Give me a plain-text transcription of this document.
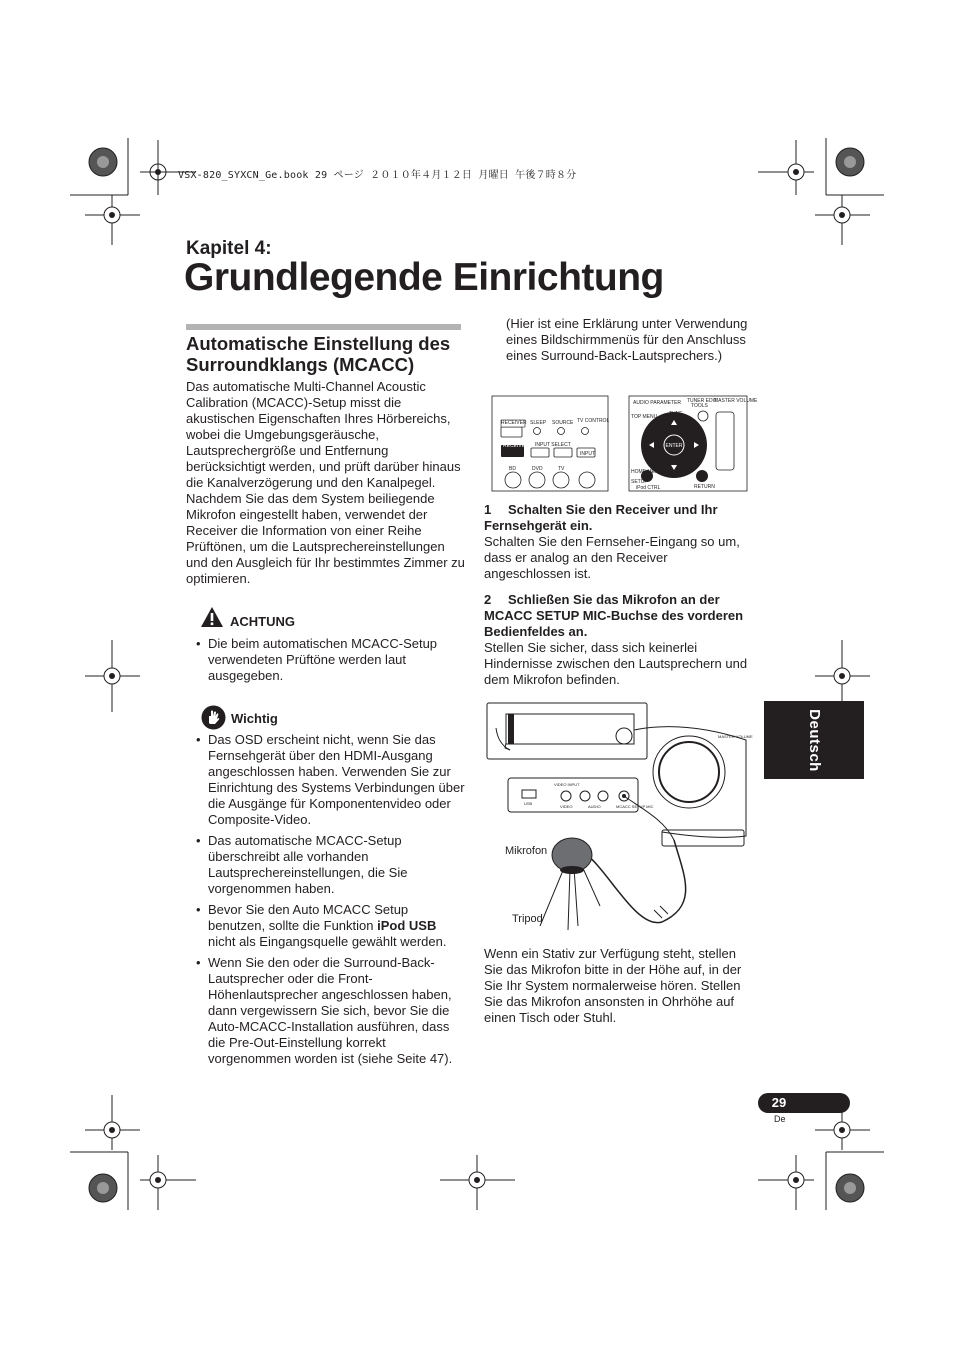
VSX-820_SYXCN_Ge.book 29 ページ ２０１０年４月１２日 月曜日 午後７時８分
Kapitel 4:
Grundlegende Einrichtung
Automatische Einstellung des Surroundklangs (MCACC)
Das automatische Multi-Channel Acoustic Calibration (MCACC)-Setup misst die akustischen Eigenschaften Ihres Hörbereichs, wobei die Umgebungsgeräusche, Lautsprechergröße und Entfernung berücksichtigt werden, und prüft darüber hinaus die Kanalverzögerung und den Kanalpegel. Nachdem Sie das dem System beiliegende Mikrofon eingestellt haben, verwendet der Receiver die Information von einer Reihe Prüftönen, um die Lautsprechereinstellungen und den Ausgleich für Ihr bestimmtes Zimmer zu optimieren.
ACHTUNG
• Die beim automatischen MCACC-Setup verwendeten Prüftöne werden laut ausgegeben.
Wichtig
• Das OSD erscheint nicht, wenn Sie das Fernsehgerät über den HDMI-Ausgang angeschlossen haben. Verwenden Sie zur Einrichtung des Systems Verbindungen über die Ausgänge für Komponentenvideo oder Composite-Video.
• Das automatische MCACC-Setup überschreibt alle vorhanden Lautsprechereinstellungen, die Sie vorgenommen haben.
• Bevor Sie den Auto MCACC Setup benutzen, sollte die Funktion iPod USB nicht als Eingangsquelle gewählt werden.
• Wenn Sie den oder die Surround-Back-Lautsprecher oder die Front-Höhenlautsprecher angeschlossen haben, dann vergewissern Sie sich, bevor Sie die Auto-MCACC-Installation ausführen, dass die Pre-Out-Einstellung korrekt vorgenommen worden ist (siehe Seite 47).
(Hier ist eine Erklärung unter Verwendung eines Bildschirmmenüs für den Anschluss eines Surround-Back-Lautsprechers.)
RECEIVER SLEEP SOURCE TV CONTROL
INPUT SELECT
INPUT
BD	DVD	TV
AUDIO PARAMETER TUNER EDIT
TOOLS
MASTER VOLUME
TOP MENU TUNE
HOME MENU
SETUP
iPod CTRL	RETURN
ENTER
RECEIVER
1 Schalten Sie den Receiver und Ihr Fernsehgerät ein.
Schalten Sie den Fernseher-Eingang so um, dass er analog an den Receiver angeschlossen ist.
2 Schließen Sie das Mikrofon an der MCACC SETUP MIC-Buchse des vorderen Bedienfeldes an.
Stellen Sie sicher, dass sich keinerlei Hindernisse zwischen den Lautsprechern und dem Mikrofon befinden.
VIDEO INPUT
USB
VIDEO	AUDIO	MCACC SETUP MIC
MASTER VOLUME
Mikrofon
Tripod
Wenn ein Stativ zur Verfügung steht, stellen Sie das Mikrofon bitte in der Höhe auf, in der Sie Ihr System normalerweise hören. Stellen Sie das Mikrofon ansonsten in Ohrhöhe auf einen Tisch oder Stuhl.
Deutsch
29
De
